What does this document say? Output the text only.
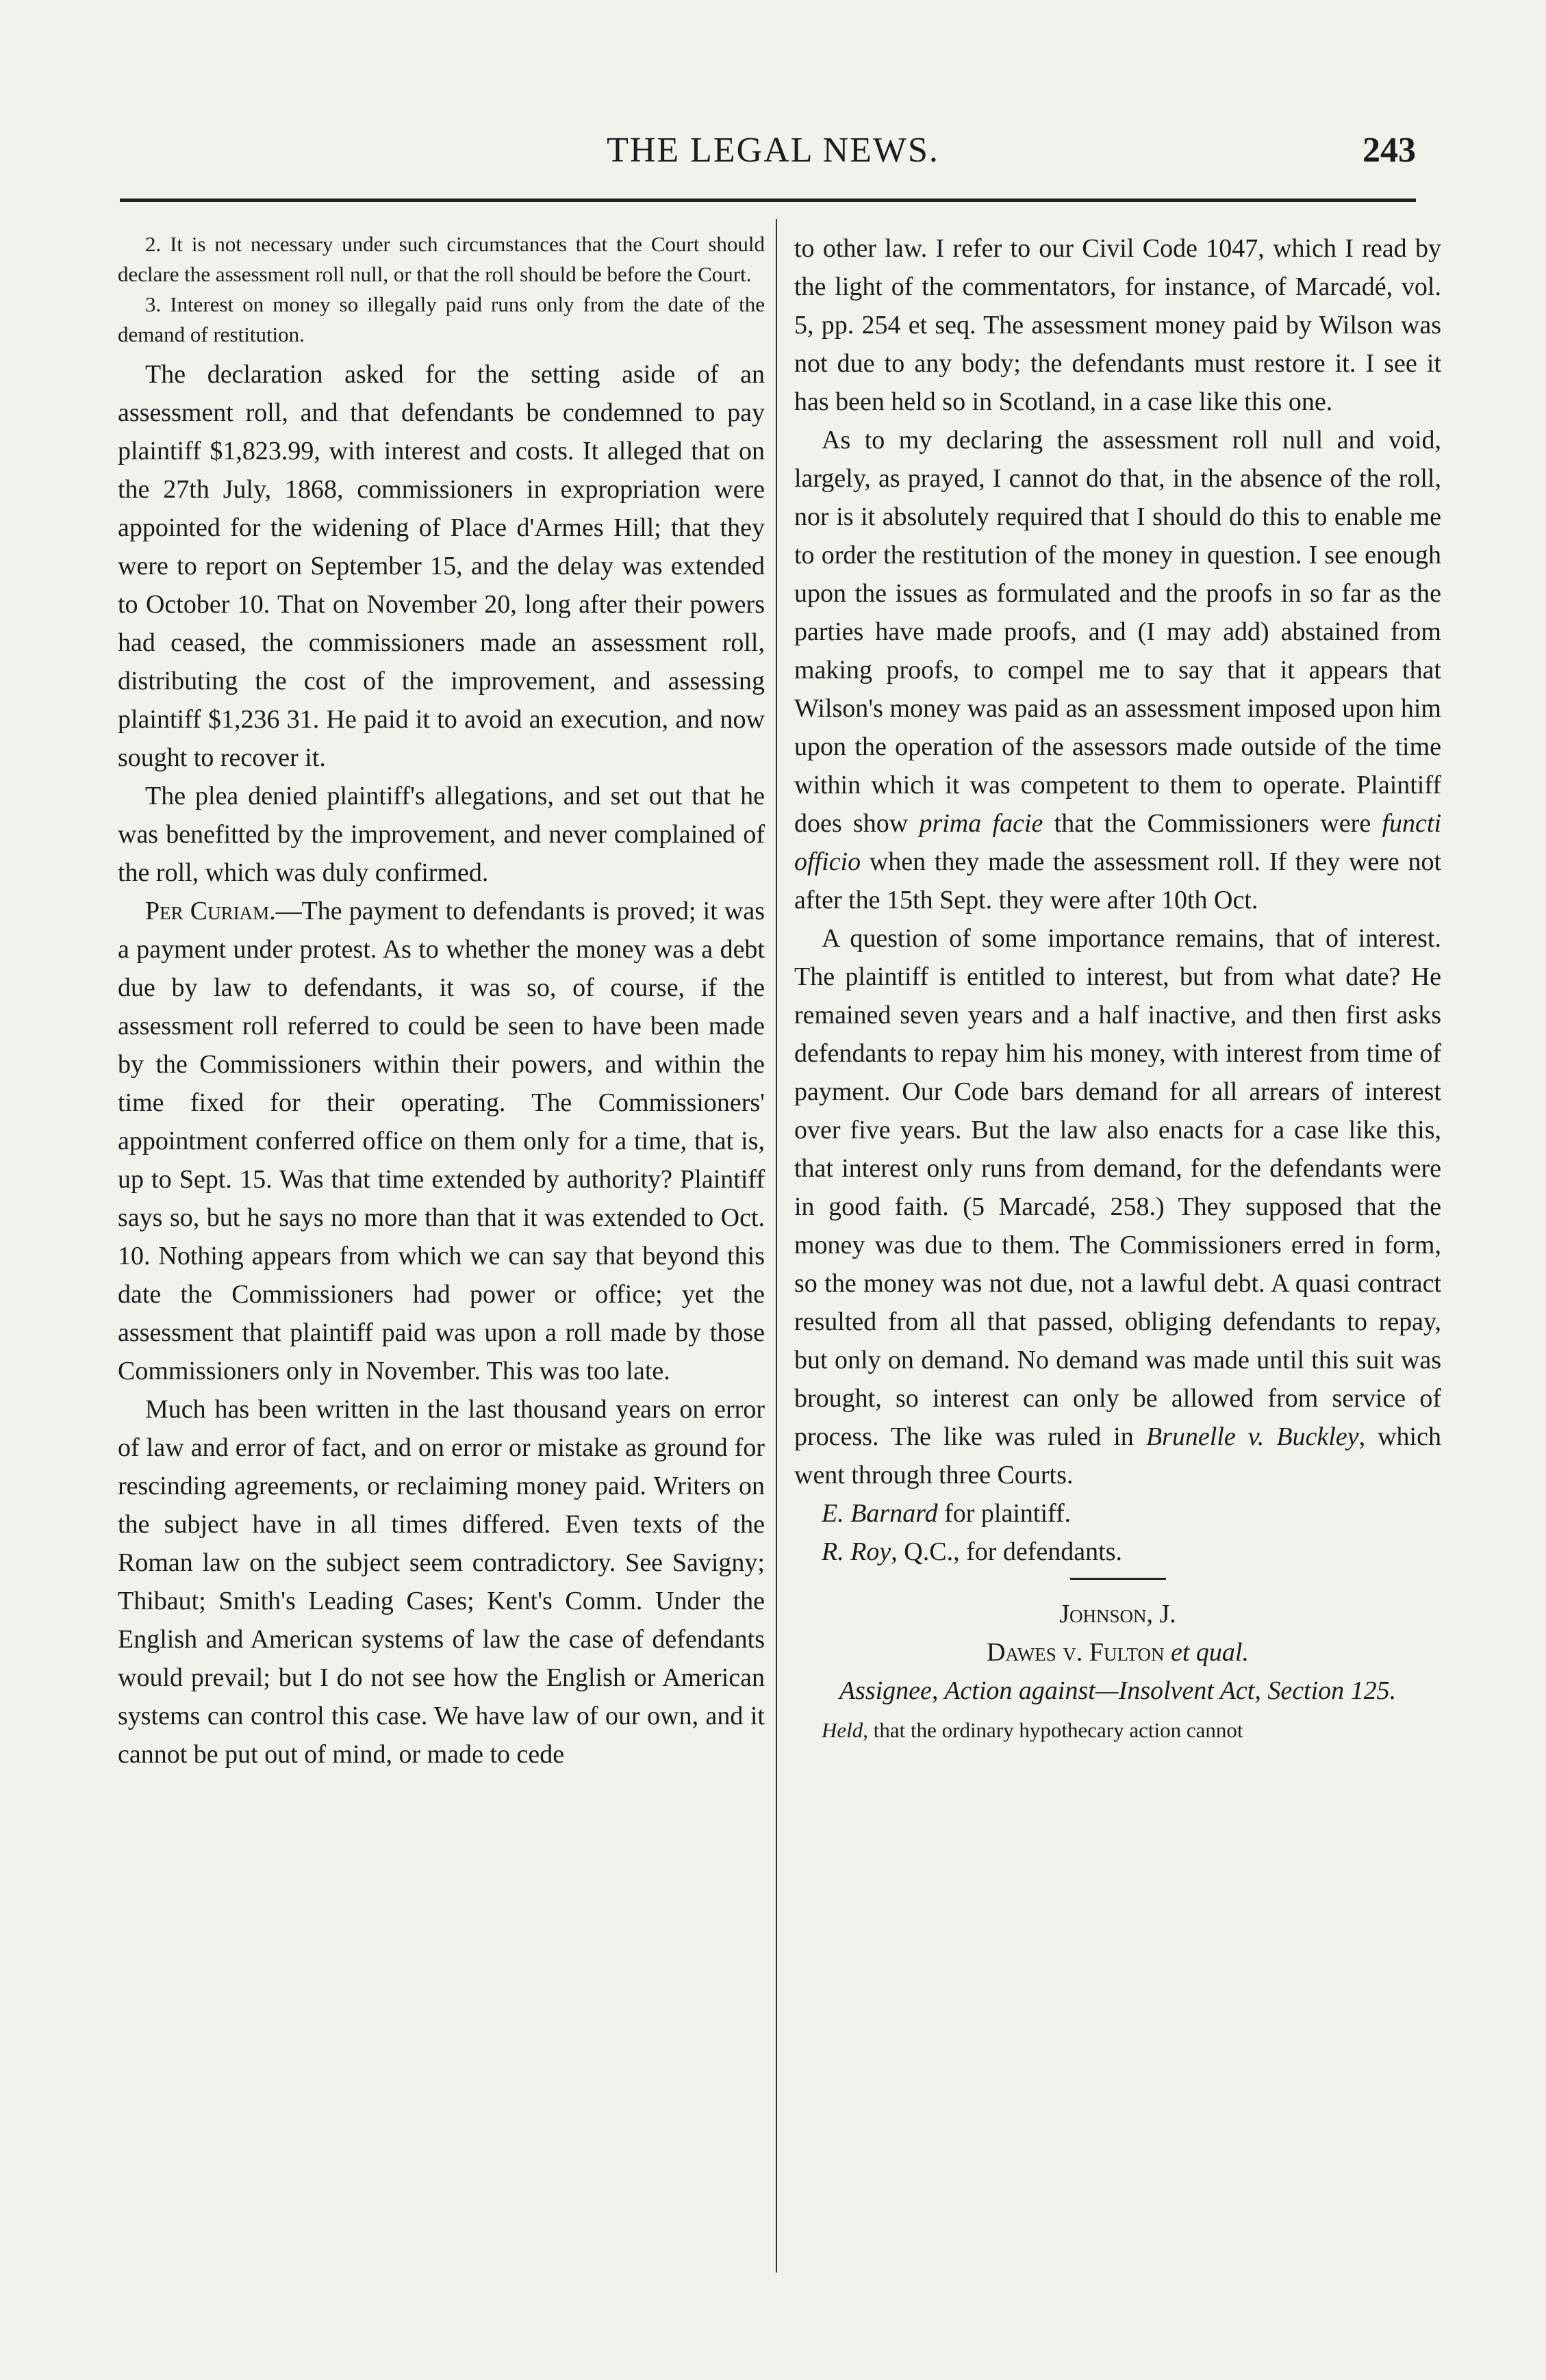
THE LEGAL NEWS.	243

2. It is not necessary under such circumstances that the Court should declare the assessment roll null, or that the roll should be before the Court.

3. Interest on money so illegally paid runs only from the date of the demand of restitution.

The declaration asked for the setting aside of an assessment roll, and that defendants be condemned to pay plaintiff $1,823.99, with interest and costs. It alleged that on the 27th July, 1868, commissioners in expropriation were appointed for the widening of Place d'Armes Hill; that they were to report on September 15, and the delay was extended to October 10. That on November 20, long after their powers had ceased, the commissioners made an assessment roll, distributing the cost of the improvement, and assessing plaintiff $1,236 31. He paid it to avoid an execution, and now sought to recover it.

The plea denied plaintiff's allegations, and set out that he was benefitted by the improvement, and never complained of the roll, which was duly confirmed.

Per Curiam.—The payment to defendants is proved; it was a payment under protest. As to whether the money was a debt due by law to defendants, it was so, of course, if the assessment roll referred to could be seen to have been made by the Commissioners within their powers, and within the time fixed for their operating. The Commissioners' appointment conferred office on them only for a time, that is, up to Sept. 15. Was that time extended by authority? Plaintiff says so, but he says no more than that it was extended to Oct. 10. Nothing appears from which we can say that beyond this date the Commissioners had power or office; yet the assessment that plaintiff paid was upon a roll made by those Commissioners only in November. This was too late.

Much has been written in the last thousand years on error of law and error of fact, and on error or mistake as ground for rescinding agreements, or reclaiming money paid. Writers on the subject have in all times differed. Even texts of the Roman law on the subject seem contradictory. See Savigny; Thibaut; Smith's Leading Cases; Kent's Comm. Under the English and American systems of law the case of defendants would prevail; but I do not see how the English or American systems can control this case. We have law of our own, and it cannot be put out of mind, or made to cede

to other law. I refer to our Civil Code 1047, which I read by the light of the commentators, for instance, of Marcadé, vol. 5, pp. 254 et seq. The assessment money paid by Wilson was not due to any body; the defendants must restore it. I see it has been held so in Scotland, in a case like this one.

As to my declaring the assessment roll null and void, largely, as prayed, I cannot do that, in the absence of the roll, nor is it absolutely required that I should do this to enable me to order the restitution of the money in question. I see enough upon the issues as formulated and the proofs in so far as the parties have made proofs, and (I may add) abstained from making proofs, to compel me to say that it appears that Wilson's money was paid as an assessment imposed upon him upon the operation of the assessors made outside of the time within which it was competent to them to operate. Plaintiff does show prima facie that the Commissioners were functi officio when they made the assessment roll. If they were not after the 15th Sept. they were after 10th Oct.

A question of some importance remains, that of interest. The plaintiff is entitled to interest, but from what date? He remained seven years and a half inactive, and then first asks defendants to repay him his money, with interest from time of payment. Our Code bars demand for all arrears of interest over five years. But the law also enacts for a case like this, that interest only runs from demand, for the defendants were in good faith. (5 Marcadé, 258.) They supposed that the money was due to them. The Commissioners erred in form, so the money was not due, not a lawful debt. A quasi contract resulted from all that passed, obliging defendants to repay, but only on demand. No demand was made until this suit was brought, so interest can only be allowed from service of process. The like was ruled in Brunelle v. Buckley, which went through three Courts.

E. Barnard for plaintiff.

R. Roy, Q.C., for defendants.

Johnson, J.

Dawes v. Fulton et qual.

Assignee, Action against—Insolvent Act, Section 125.

Held, that the ordinary hypothecary action cannot
